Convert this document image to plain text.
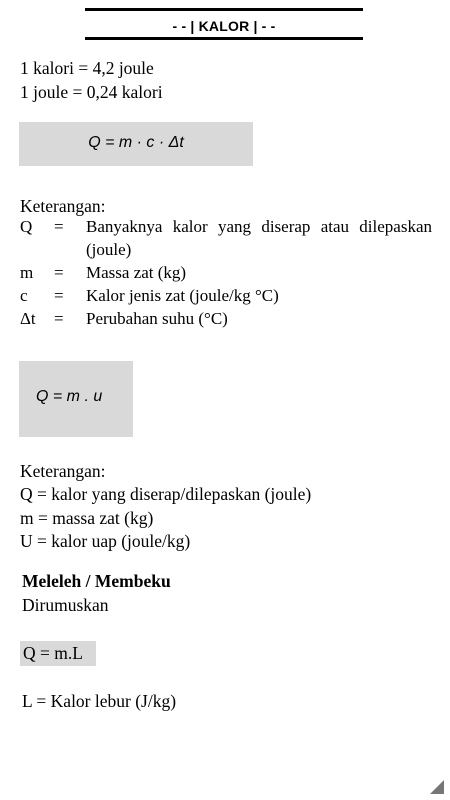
- - | KALOR | - -
1 kalori = 4,2 joule
1 joule = 0,24 kalori
Q = m · c · Δt
Keterangan:
Q	=	Banyaknya kalor yang diserap atau dilepaskan (joule)
m	=	Massa zat (kg)
c	=	Kalor jenis zat (joule/kg °C)
Δt	=	Perubahan suhu (°C)
Q = m . u
Keterangan:
Q = kalor yang diserap/dilepaskan (joule)
m = massa zat (kg)
U = kalor uap (joule/kg)
Meleleh / Membeku
Dirumuskan
Q = m.L
L = Kalor lebur (J/kg)
